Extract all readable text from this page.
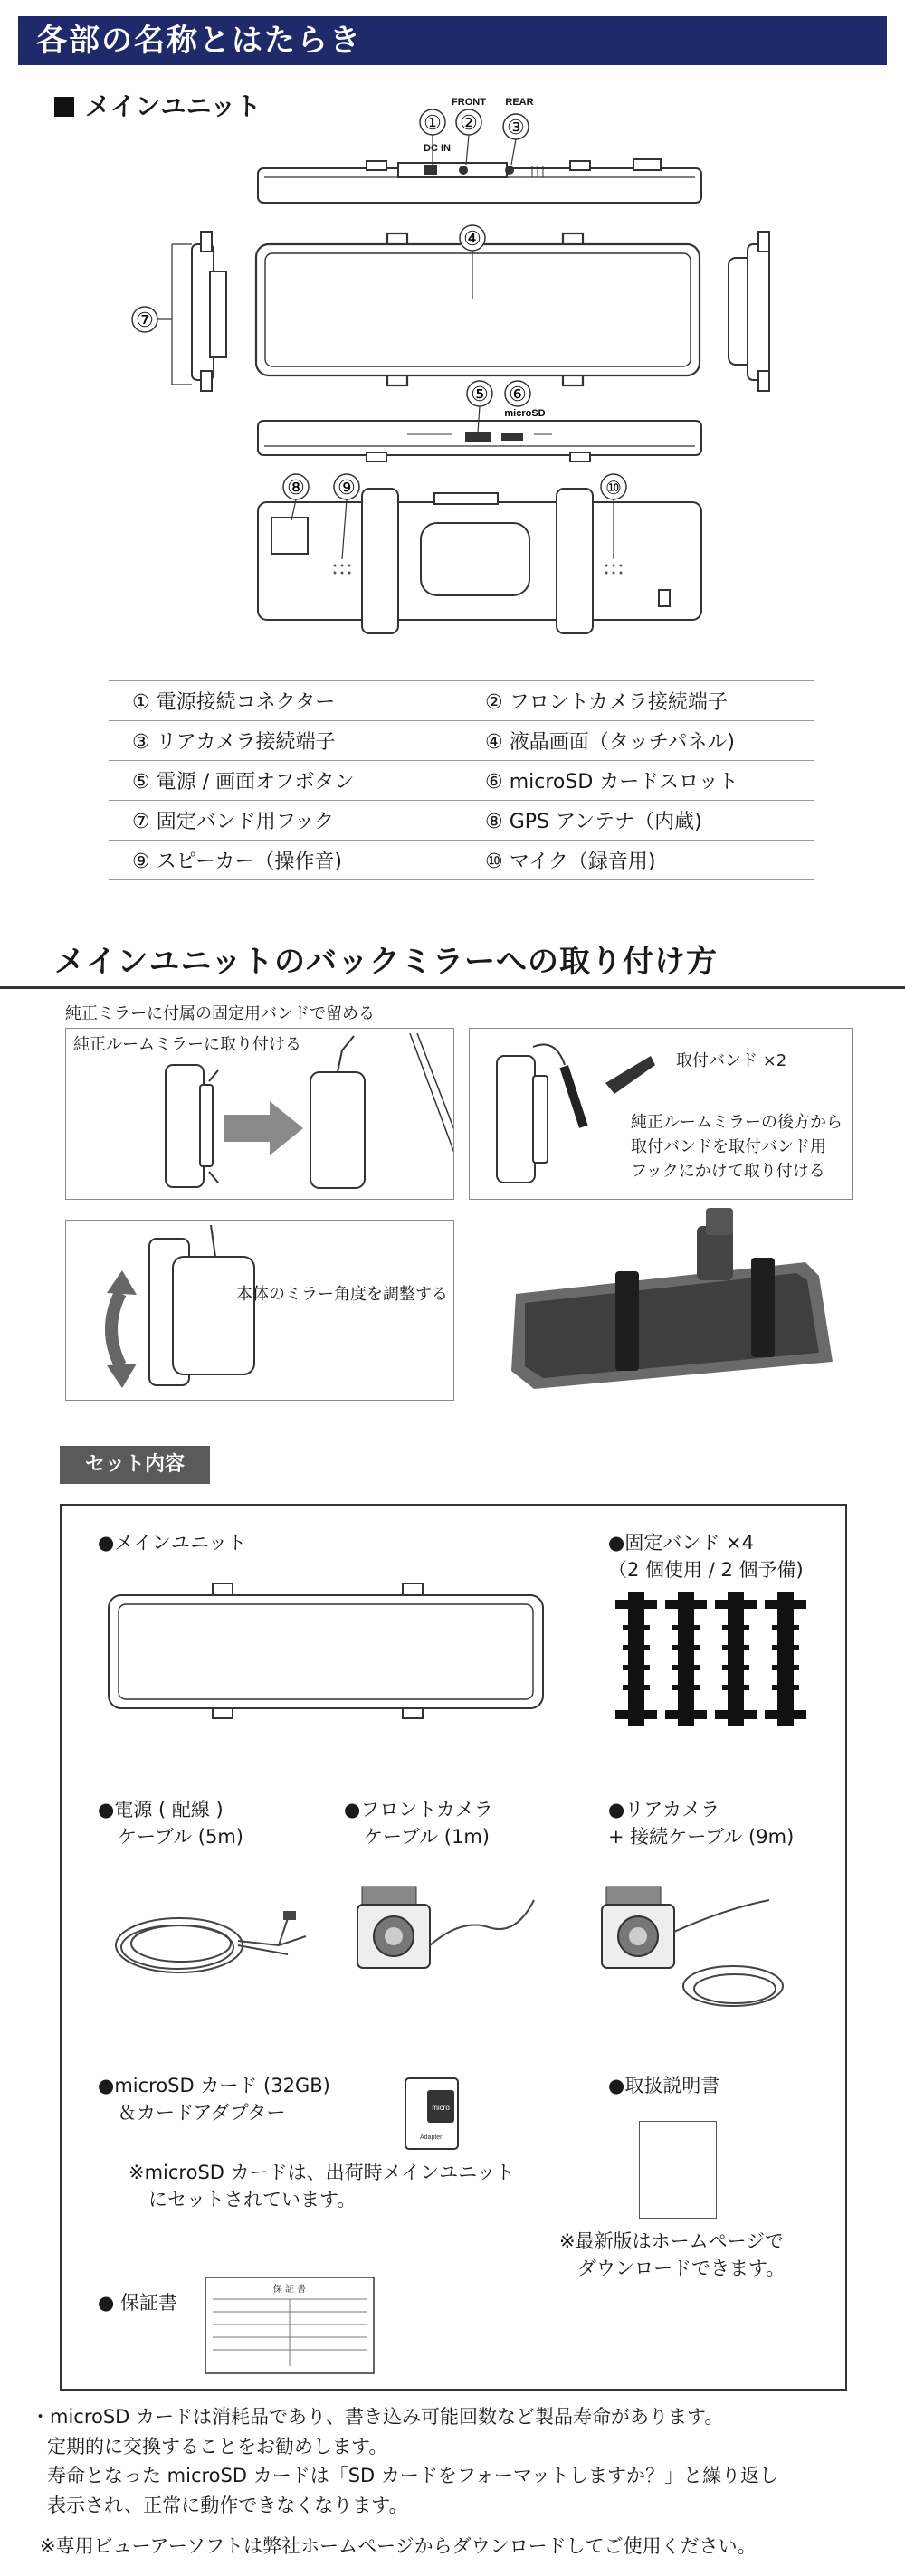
各部の名称とはたらき
メインユニット
① ② ③
DC IN
FRONT REAR
④
⑦
⑤ ⑥
microSD
⑧ ⑨	⑩
① 電源接続コネクター	② フロントカメラ接続端子
③ リアカメラ接続端子	④ 液晶画面（タッチパネル)
⑤ 電源 / 画面オフボタン	⑥ microSD カードスロット
⑦ 固定バンド用フック	⑧ GPS アンテナ（内蔵)
⑨ スピーカー（操作音)	⑩ マイク（録音用)
メインユニットのバックミラーへの取り付け方
純正ミラーに付属の固定用バンドで留める
純正ルームミラーに取り付ける
取付バンド ×2
純正ルームミラーの後方から
取付バンドを取付バンド用
フックにかけて取り付ける
本体のミラー角度を調整する
セット内容
●メインユニット	●固定バンド ×4
（2 個使用 / 2 個予備)
●電源 ( 配線 )
ケーブル (5m)
●フロントカメラ
ケーブル (1m)
●リアカメラ
+ 接続ケーブル (9m)
●microSD カード (32GB)
＆カードアダプター	micro
Adapter
※microSD カードは、出荷時メインユニット
にセットされています。
●取扱説明書
※最新版はホームページで
ダウンロードできます。
● 保証書
保 証 書
・microSD カードは消耗品であり、書き込み可能回数など製品寿命があります。
定期的に交換することをお勧めします。
寿命となった microSD カードは「SD カードをフォーマットしますか？」と繰り返し
表示され、正常に動作できなくなります。
※専用ビューアーソフトは弊社ホームページからダウンロードしてご使用ください。
